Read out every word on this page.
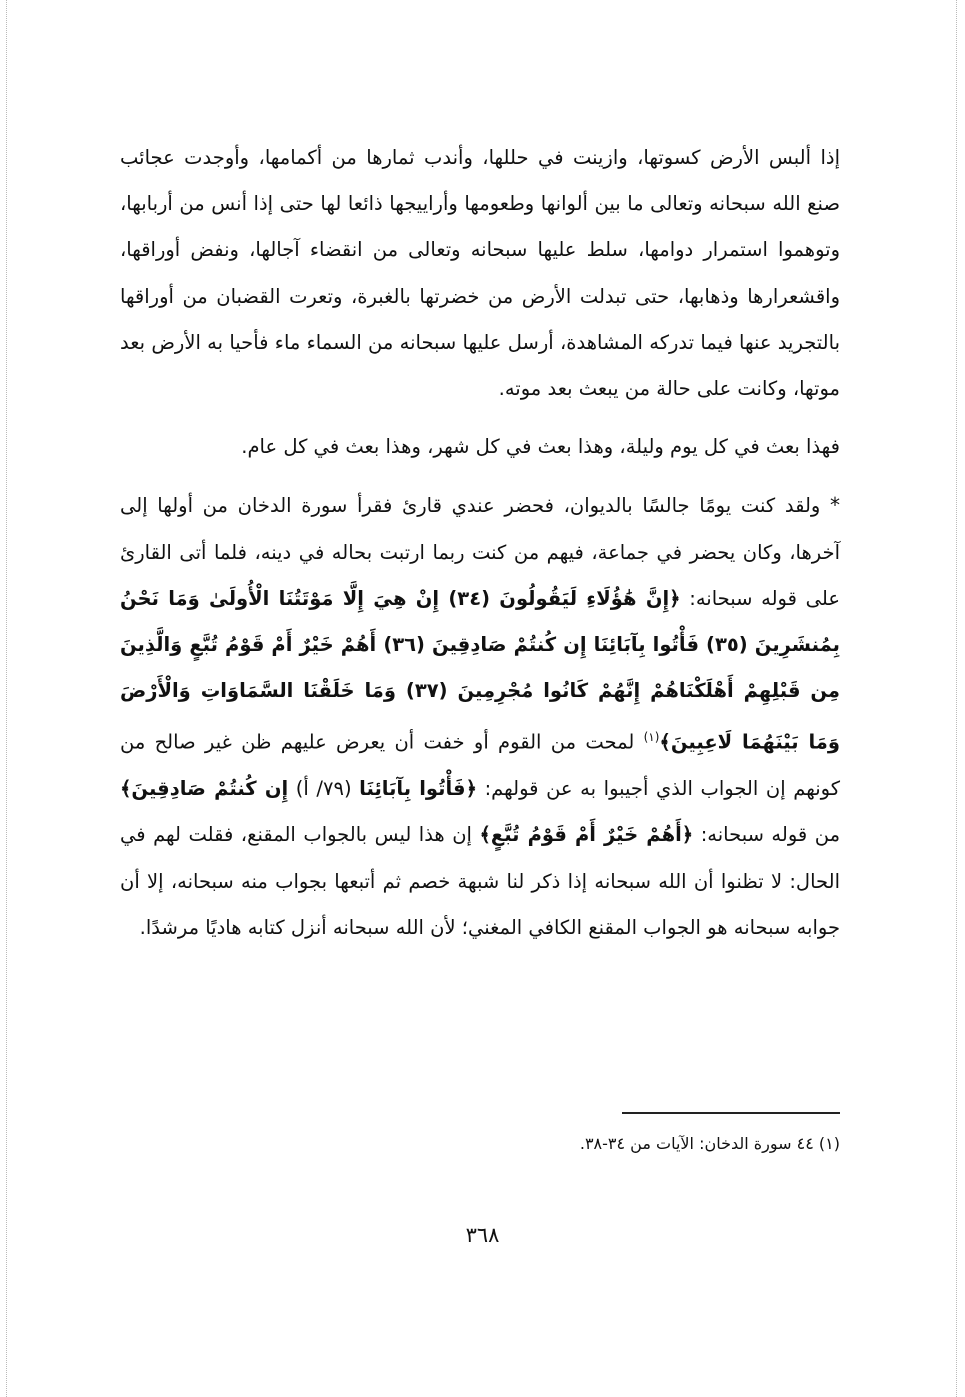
إذا ألبس الأرض كسوتها، وازينت في حللها، وأندب ثمارها من أكمامها، وأوجدت عجائب صنع الله سبحانه وتعالى ما بين ألوانها وطعومها وأراييجها ذائعا لها حتى إذا أنس من أربابها، وتوهموا استمرار دوامها، سلط عليها سبحانه وتعالى من انقضاء آجالها، ونفض أوراقها، واقشعرارها وذهابها، حتى تبدلت الأرض من خضرتها بالغبرة، وتعرت القضبان من أوراقها بالتجريد عنها فيما تدركه المشاهدة، أرسل عليها سبحانه من السماء ماء فأحيا به الأرض بعد موتها، وكانت على حالة من يبعث بعد موته.

فهذا بعث في كل يوم وليلة، وهذا بعث في كل شهر، وهذا بعث في كل عام.

* ولقد كنت يومًا جالسًا بالديوان، فحضر عندي قارئ فقرأ سورة الدخان من أولها إلى آخرها، وكان يحضر في جماعة، فيهم من كنت ربما ارتبت بحاله في دينه، فلما أتى القارئ على قوله سبحانه: ﴿إِنَّ هَٰؤُلَاءِ لَيَقُولُونَ (٣٤) إِنْ هِيَ إِلَّا مَوْتَتُنَا الْأُولَىٰ وَمَا نَحْنُ بِمُنشَرِينَ (٣٥) فَأْتُوا بِآبَائِنَا إِن كُنتُمْ صَادِقِينَ (٣٦) أَهُمْ خَيْرٌ أَمْ قَوْمُ تُبَّعٍ وَالَّذِينَ مِن قَبْلِهِمْ أَهْلَكْنَاهُمْ إِنَّهُمْ كَانُوا مُجْرِمِينَ (٣٧) وَمَا خَلَقْنَا السَّمَاوَاتِ وَالْأَرْضَ وَمَا بَيْنَهُمَا لَاعِبِينَ﴾$^{(١)}$ لمحت من القوم أو خفت أن يعرض عليهم ظن غير صالح من كونهم إن الجواب الذي أجيبوا به عن قولهم: ﴿فَأْتُوا بِآبَائِنَا (٧٩/ أ) إِن كُنتُمْ صَادِقِينَ﴾ من قوله سبحانه: ﴿أَهُمْ خَيْرٌ أَمْ قَوْمُ تُبَّعٍ﴾ إن هذا ليس بالجواب المقنع، فقلت لهم في الحال: لا تظنوا أن الله سبحانه إذا ذكر لنا شبهة خصم ثم أتبعها بجواب منه سبحانه، إلا أن جوابه سبحانه هو الجواب المقنع الكافي المغني؛ لأن الله سبحانه أنزل كتابه هاديًا مرشدًا.

(١) ٤٤ سورة الدخان: الآيات من ٣٤-٣٨.
٣٦٨
